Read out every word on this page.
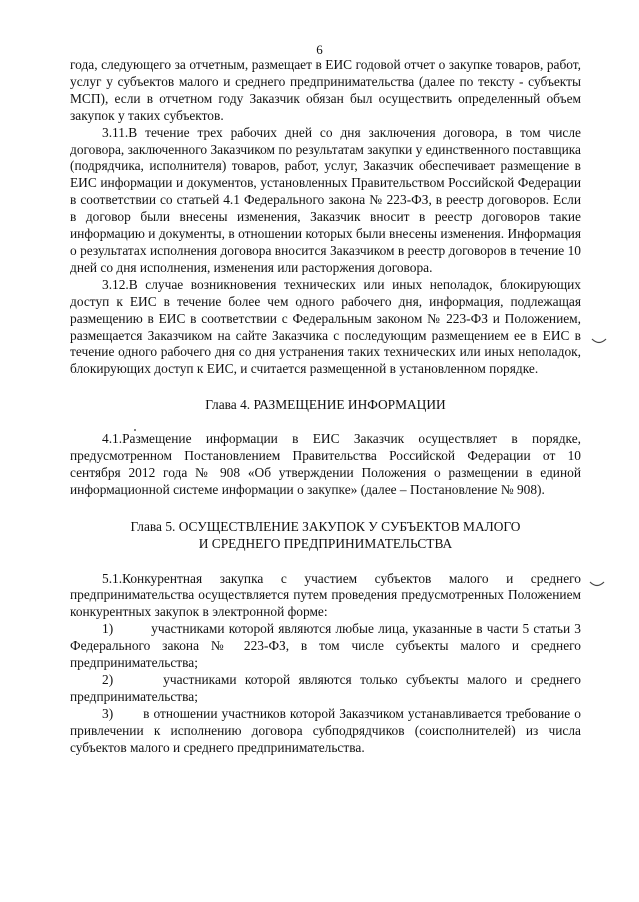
6

года, следующего за отчетным, размещает в ЕИС годовой отчет о закупке товаров, работ, услуг у субъектов малого и среднего предпринимательства (далее по тексту - субъекты МСП), если в отчетном году Заказчик обязан был осуществить определенный объем закупок у таких субъектов.

3.11.В течение трех рабочих дней со дня заключения договора, в том числе договора, заключенного Заказчиком по результатам закупки у единственного поставщика (подрядчика, исполнителя) товаров, работ, услуг, Заказчик обеспечивает размещение в ЕИС информации и документов, установленных Правительством Российской Федерации в соответствии со статьей 4.1 Федерального закона № 223-ФЗ, в реестр договоров. Если в договор были внесены изменения, Заказчик вносит в реестр договоров такие информацию и документы, в отношении которых были внесены изменения. Информация о результатах исполнения договора вносится Заказчиком в реестр договоров в течение 10 дней со дня исполнения, изменения или расторжения договора.

3.12.В случае возникновения технических или иных неполадок, блокирующих доступ к ЕИС в течение более чем одного рабочего дня, информация, подлежащая размещению в ЕИС в соответствии с Федеральным законом № 223-ФЗ и Положением, размещается Заказчиком на сайте Заказчика с последующим размещением ее в ЕИС в течение одного рабочего дня со дня устранения таких технических или иных неполадок, блокирующих доступ к ЕИС, и считается размещенной в установленном порядке.

Глава 4. РАЗМЕЩЕНИЕ ИНФОРМАЦИИ

4.1.Размещение информации в ЕИС Заказчик осуществляет в порядке, предусмотренном Постановлением Правительства Российской Федерации от 10 сентября 2012 года № 908 «Об утверждении Положения о размещении в единой информационной системе информации о закупке» (далее – Постановление № 908).

Глава 5. ОСУЩЕСТВЛЕНИЕ ЗАКУПОК У СУБЪЕКТОВ МАЛОГО

И СРЕДНЕГО ПРЕДПРИНИМАТЕЛЬСТВА

5.1.Конкурентная закупка с участием субъектов малого и среднего предпринимательства осуществляется путем проведения предусмотренных Положением конкурентных закупок в электронной форме:

1)	участниками которой являются любые лица, указанные в части 5 статьи 3 Федерального закона № 223-ФЗ, в том числе субъекты малого и среднего предпринимательства;

2)	участниками которой являются только субъекты малого и среднего предпринимательства;

3) в отношении участников которой Заказчиком устанавливается требование о привлечении к исполнению договора субподрядчиков (соисполнителей) из числа субъектов малого и среднего предпринимательства.
